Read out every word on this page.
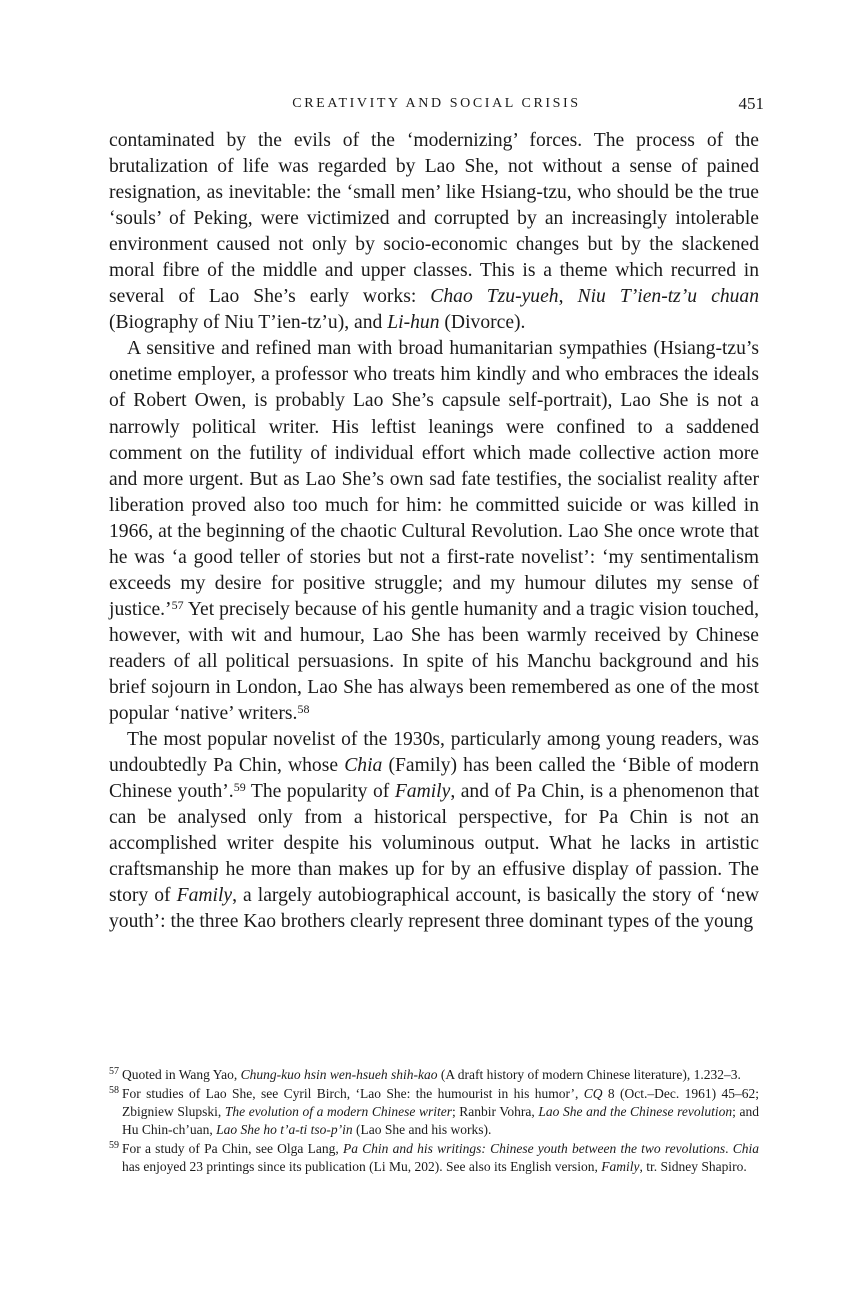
CREATIVITY AND SOCIAL CRISIS	451

contaminated by the evils of the ‘modernizing’ forces. The process of the brutalization of life was regarded by Lao She, not without a sense of pained resignation, as inevitable: the ‘small men’ like Hsiang-tzu, who should be the true ‘souls’ of Peking, were victimized and corrupted by an increasingly intolerable environment caused not only by socio-economic changes but by the slackened moral fibre of the middle and upper classes. This is a theme which recurred in several of Lao She’s early works: Chao Tzu-yueh, Niu T’ien-tz’u chuan (Biography of Niu T’ien-tz’u), and Li-hun (Divorce).

A sensitive and refined man with broad humanitarian sympathies (Hsiang-tzu’s onetime employer, a professor who treats him kindly and who embraces the ideals of Robert Owen, is probably Lao She’s capsule self-portrait), Lao She is not a narrowly political writer. His leftist leanings were confined to a saddened comment on the futility of individual effort which made collective action more and more urgent. But as Lao She’s own sad fate testifies, the socialist reality after liberation proved also too much for him: he committed suicide or was killed in 1966, at the beginning of the chaotic Cultural Revolution. Lao She once wrote that he was ‘a good teller of stories but not a first-rate novelist’: ‘my sentimentalism exceeds my desire for positive struggle; and my humour dilutes my sense of justice.’$^{57}$ Yet precisely because of his gentle humanity and a tragic vision touched, however, with wit and humour, Lao She has been warmly received by Chinese readers of all political persuasions. In spite of his Manchu background and his brief sojourn in London, Lao She has always been remembered as one of the most popular ‘native’ writers.$^{58}$

The most popular novelist of the 1930s, particularly among young readers, was undoubtedly Pa Chin, whose Chia (Family) has been called the ‘Bible of modern Chinese youth’.$^{59}$ The popularity of Family, and of Pa Chin, is a phenomenon that can be analysed only from a historical perspective, for Pa Chin is not an accomplished writer despite his voluminous output. What he lacks in artistic craftsmanship he more than makes up for by an effusive display of passion. The story of Family, a largely autobiographical account, is basically the story of ‘new youth’: the three Kao brothers clearly represent three dominant types of the young

57 Quoted in Wang Yao, Chung-kuo hsin wen-hsueh shih-kao (A draft history of modern Chinese literature), 1.232–3.
58 For studies of Lao She, see Cyril Birch, ‘Lao She: the humourist in his humor’, CQ 8 (Oct.–Dec. 1961) 45–62; Zbigniew Slupski, The evolution of a modern Chinese writer; Ranbir Vohra, Lao She and the Chinese revolution; and Hu Chin-ch’uan, Lao She ho t’a-ti tso-p’in (Lao She and his works).
59 For a study of Pa Chin, see Olga Lang, Pa Chin and his writings: Chinese youth between the two revolutions. Chia has enjoyed 23 printings since its publication (Li Mu, 202). See also its English version, Family, tr. Sidney Shapiro.
